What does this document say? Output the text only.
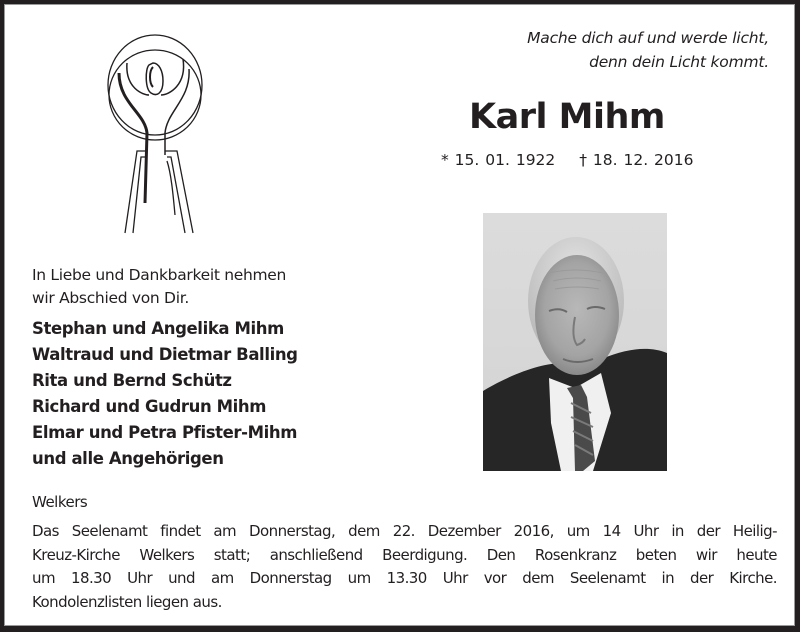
Mache dich auf und werde licht,
denn dein Licht kommt.
Karl Mihm
* 15. 01. 1922 † 18. 12. 2016
In Liebe und Dankbarkeit nehmen
wir Abschied von Dir.
Stephan und Angelika Mihm
Waltraud und Dietmar Balling
Rita und Bernd Schütz
Richard und Gudrun Mihm
Elmar und Petra Pfister-Mihm
und alle Angehörigen
Welkers
Das Seelenamt findet am Donnerstag, dem 22. Dezember 2016, um 14 Uhr in der Heilig-
Kreuz-Kirche Welkers statt; anschließend Beerdigung. Den Rosenkranz beten wir heute
um 18.30 Uhr und am Donnerstag um 13.30 Uhr vor dem Seelenamt in der Kirche.
Kondolenzlisten liegen aus.
